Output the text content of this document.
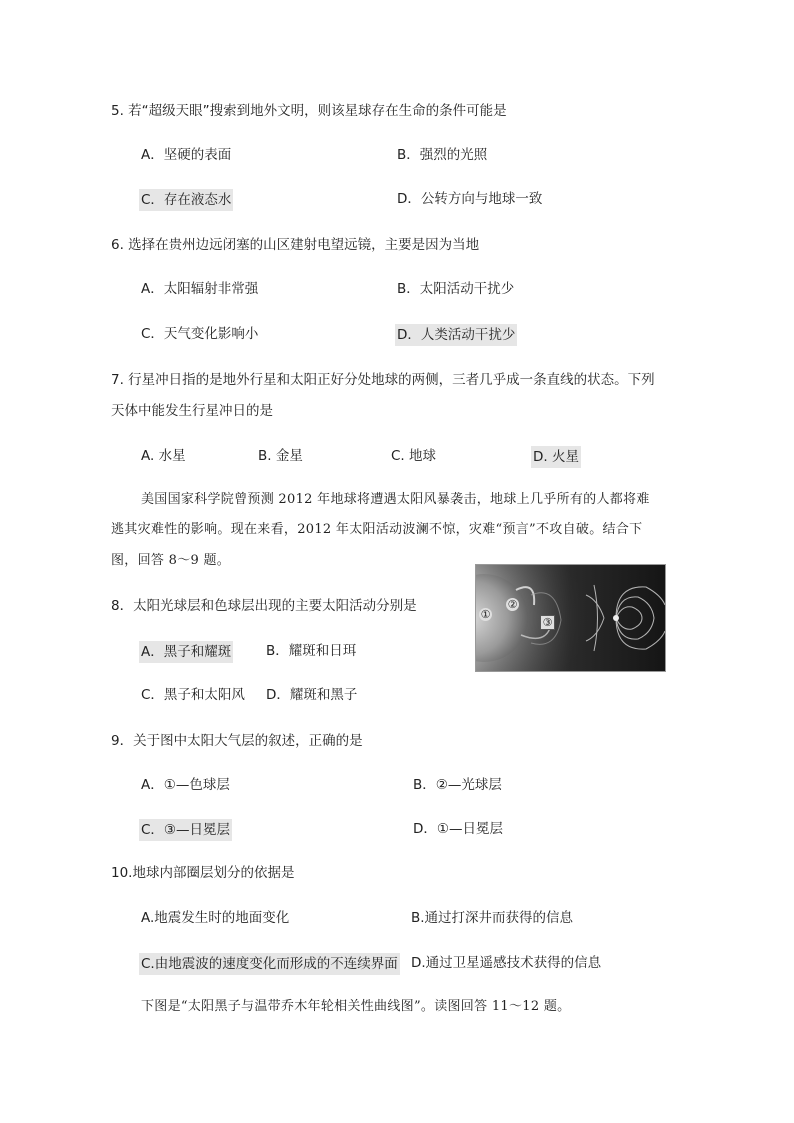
5. 若“超级天眼”搜索到地外文明，则该星球存在生命的条件可能是
A．坚硬的表面	B．强烈的光照
C．存在液态水	D．公转方向与地球一致
6. 选择在贵州边远闭塞的山区建射电望远镜，主要是因为当地
A．太阳辐射非常强	B．太阳活动干扰少
C．天气变化影响小	D．人类活动干扰少
7. 行星冲日指的是地外行星和太阳正好分处地球的两侧，三者几乎成一条直线的状态。下列
天体中能发生行星冲日的是
A. 水星	B. 金星	C. 地球	D. 火星
美国国家科学院曾预测 2012 年地球将遭遇太阳风暴袭击，地球上几乎所有的人都将难
逃其灾难性的影响。现在来看，2012 年太阳活动波澜不惊，灾难“预言”不攻自破。结合下
图，回答 8～9 题。
①
②
③
8．太阳光球层和色球层出现的主要太阳活动分别是
A．黑子和耀斑	B．耀斑和日珥
C．黑子和太阳风 D．耀斑和黑子
9．关于图中太阳大气层的叙述，正确的是
A．①—色球层	B．②—光球层
C．③—日冕层	D．①—日冕层
10.地球内部圈层划分的依据是
A.地震发生时的地面变化	B.通过打深井而获得的信息
C.由地震波的速度变化而形成的不连续界面 D.通过卫星遥感技术获得的信息
下图是“太阳黑子与温带乔木年轮相关性曲线图”。读图回答 11～12 题。
